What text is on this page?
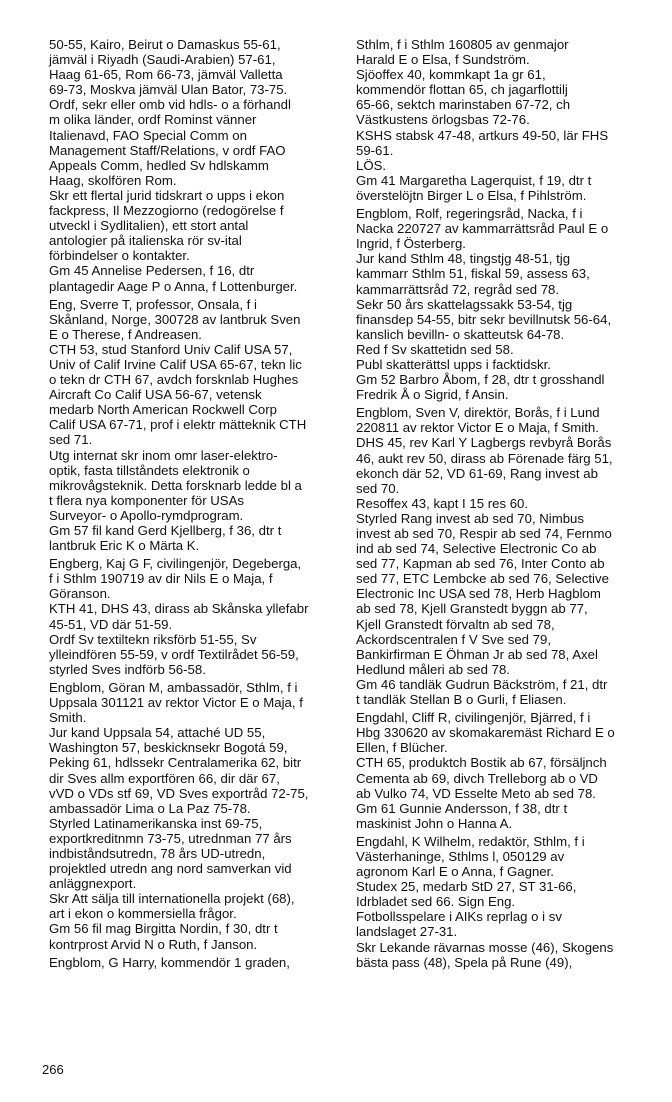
50-55, Kairo, Beirut o Damaskus 55-61,
jämväl i Riyadh (Saudi-Arabien) 57-61,
Haag 61-65, Rom 66-73, jämväl Valletta
69-73, Moskva jämväl Ulan Bator, 73-75.
Ordf, sekr eller omb vid hdls- o a förhandl
m olika länder, ordf Rominst vänner
Italienavd, FAO Special Comm on
Management Staff/Relations, v ordf FAO
Appeals Comm, hedled Sv hdlskamm
Haag, skolfören Rom.
Skr ett flertal jurid tidskrart o upps i ekon
fackpress, Il Mezzogiorno (redogörelse f
utveckl i Sydlitalien), ett stort antal
antologier på italienska rör sv-ital
förbindelser o kontakter.
Gm 45 Annelise Pedersen, f 16, dtr
plantagedir Aage P o Anna, f Lottenburger.
Eng, Sverre T, professor, Onsala, f i
Skånland, Norge, 300728 av lantbruk Sven
E o Therese, f Andreasen.
CTH 53, stud Stanford Univ Calif USA 57,
Univ of Calif Irvine Calif USA 65-67, tekn lic
o tekn dr CTH 67, avdch forsknlab Hughes
Aircraft Co Calif USA 56-67, vetensk
medarb North American Rockwell Corp
Calif USA 67-71, prof i elektr mätteknik CTH
sed 71.
Utg internat skr inom omr laser-elektro-
optik, fasta tillståndets elektronik o
mikrovågsteknik. Detta forsknarb ledde bl a
t flera nya komponenter för USAs
Surveyor- o Apollo-rymdprogram.
Gm 57 fil kand Gerd Kjellberg, f 36, dtr t
lantbruk Eric K o Märta K.
Engberg, Kaj G F, civilingenjör, Degeberga,
f i Sthlm 190719 av dir Nils E o Maja, f
Göranson.
KTH 41, DHS 43, dirass ab Skånska yllefabr
45-51, VD där 51-59.
Ordf Sv textiltekn riksförb 51-55, Sv
ylleindfören 55-59, v ordf Textilrådet 56-59,
styrled Sves indförb 56-58.
Engblom, Göran M, ambassadör, Sthlm, f i
Uppsala 301121 av rektor Victor E o Maja, f
Smith.
Jur kand Uppsala 54, attaché UD 55,
Washington 57, beskicknsekr Bogotá 59,
Peking 61, hdlssekr Centralamerika 62, bitr
dir Sves allm exportfören 66, dir där 67,
vVD o VDs stf 69, VD Sves exportråd 72-75,
ambassadör Lima o La Paz 75-78.
Styrled Latinamerikanska inst 69-75,
exportkreditnmn 73-75, utrednman 77 års
indbiståndsutredn, 78 års UD-utredn,
projektled utredn ang nord samverkan vid
anläggnexport.
Skr Att sälja till internationella projekt (68),
art i ekon o kommersiella frågor.
Gm 56 fil mag Birgitta Nordin, f 30, dtr t
kontrprost Arvid N o Ruth, f Janson.
Engblom, G Harry, kommendör 1 graden,
Sthlm, f i Sthlm 160805 av genmajor
Harald E o Elsa, f Sundström.
Sjöoffex 40, kommkapt 1a gr 61,
kommendör flottan 65, ch jagarflottilj
65-66, sektch marinstaben 67-72, ch
Västkustens örlogsbas 72-76.
KSHS stabsk 47-48, artkurs 49-50, lär FHS
59-61.
LÖS.
Gm 41 Margaretha Lagerquist, f 19, dtr t
överstelöjtn Birger L o Elsa, f Pihlström.
Engblom, Rolf, regeringsråd, Nacka, f i
Nacka 220727 av kammarrättsråd Paul E o
Ingrid, f Österberg.
Jur kand Sthlm 48, tingstjg 48-51, tjg
kammarr Sthlm 51, fiskal 59, assess 63,
kammarrättsråd 72, regråd sed 78.
Sekr 50 års skattelagssakk 53-54, tjg
finansdep 54-55, bitr sekr bevillnutsk 56-64,
kanslich bevilln- o skatteutsk 64-78.
Red f Sv skattetidn sed 58.
Publ skatterättsl upps i facktidskr.
Gm 52 Barbro Åbom, f 28, dtr t grosshandl
Fredrik Å o Sigrid, f Ansin.
Engblom, Sven V, direktör, Borås, f i Lund
220811 av rektor Victor E o Maja, f Smith.
DHS 45, rev Karl Y Lagbergs revbyrå Borås
46, aukt rev 50, dirass ab Förenade färg 51,
ekonch där 52, VD 61-69, Rang invest ab
sed 70.
Resoffex 43, kapt I 15 res 60.
Styrled Rang invest ab sed 70, Nimbus
invest ab sed 70, Respir ab sed 74, Fernmo
ind ab sed 74, Selective Electronic Co ab
sed 77, Kapman ab sed 76, Inter Conto ab
sed 77, ETC Lembcke ab sed 76, Selective
Electronic Inc USA sed 78, Herb Hagblom
ab sed 78, Kjell Granstedt byggn ab 77,
Kjell Granstedt förvaltn ab sed 78,
Ackordscentralen f V Sve sed 79,
Bankirfirman E Öhman Jr ab sed 78, Axel
Hedlund måleri ab sed 78.
Gm 46 tandläk Gudrun Bäckström, f 21, dtr
t tandläk Stellan B o Gurli, f Eliasen.
Engdahl, Cliff R, civilingenjör, Bjärred, f i
Hbg 330620 av skomakaremäst Richard E o
Ellen, f Blücher.
CTH 65, produktch Bostik ab 67, försäljnch
Cementa ab 69, divch Trelleborg ab o VD
ab Vulko 74, VD Esselte Meto ab sed 78.
Gm 61 Gunnie Andersson, f 38, dtr t
maskinist John o Hanna A.
Engdahl, K Wilhelm, redaktör, Sthlm, f i
Västerhaninge, Sthlms l, 050129 av
agronom Karl E o Anna, f Gagner.
Studex 25, medarb StD 27, ST 31-66,
Idrbladet sed 66. Sign Eng.
Fotbollsspelare i AIKs reprlag o i sv
landslaget 27-31.
Skr Lekande rävarnas mosse (46), Skogens
bästa pass (48), Spela på Rune (49),
266
